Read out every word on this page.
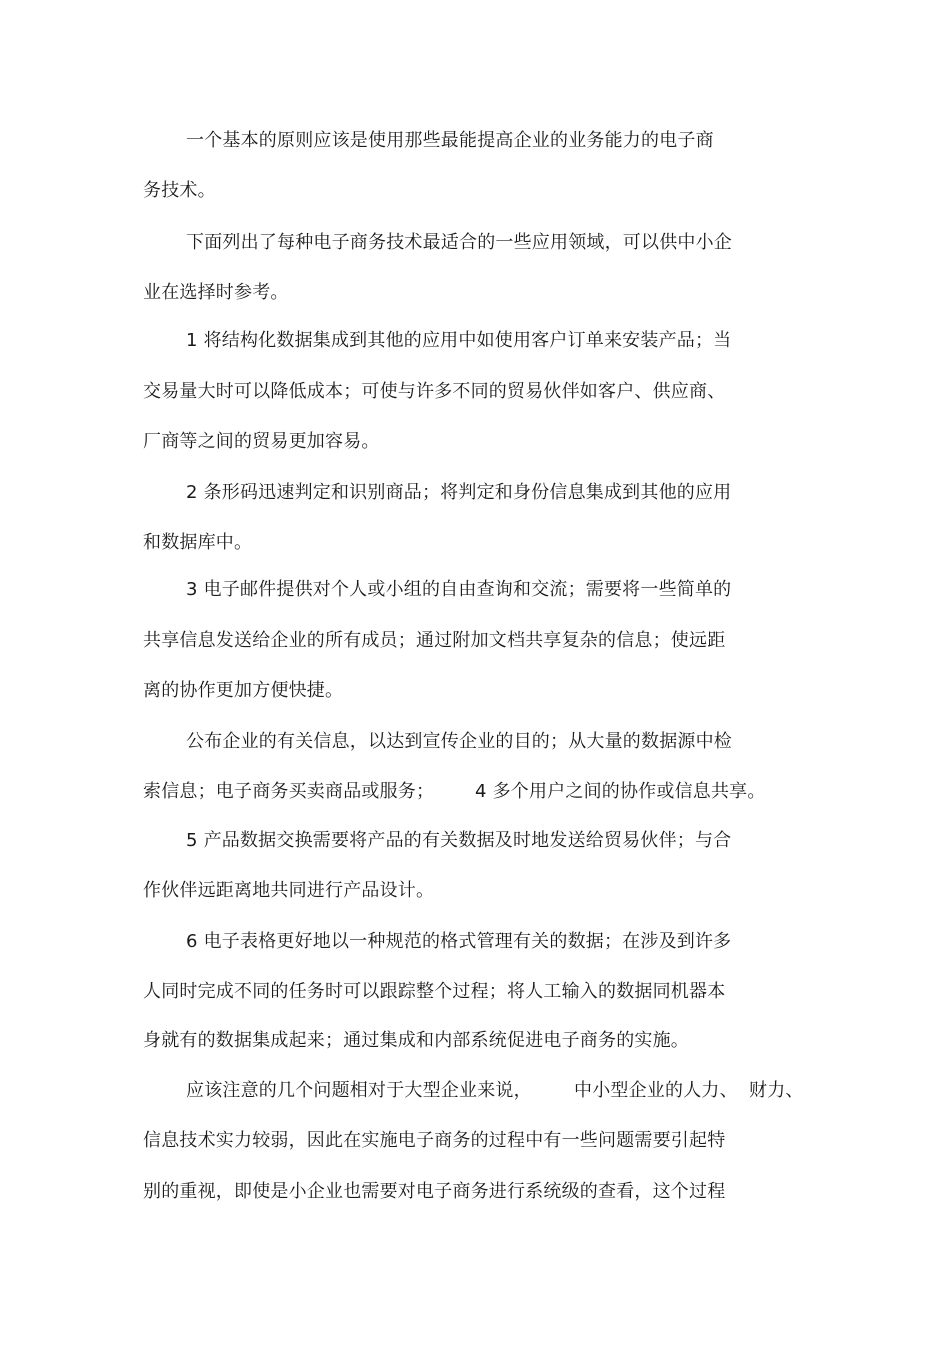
一个基本的原则应该是使用那些最能提高企业的业务能力的电子商
务技术。
下面列出了每种电子商务技术最适合的一些应用领域，可以供中小企
业在选择时参考。
1 将结构化数据集成到其他的应用中如使用客户订单来安装产品；当
交易量大时可以降低成本；可使与许多不同的贸易伙伴如客户、供应商、
厂商等之间的贸易更加容易。
2 条形码迅速判定和识别商品；将判定和身份信息集成到其他的应用
和数据库中。
3 电子邮件提供对个人或小组的自由查询和交流；需要将一些简单的
共享信息发送给企业的所有成员；通过附加文档共享复杂的信息；使远距
离的协作更加方便快捷。
公布企业的有关信息，以达到宣传企业的目的；从大量的数据源中检
索信息；电子商务买卖商品或服务； 4 多个用户之间的协作或信息共享。
5 产品数据交换需要将产品的有关数据及时地发送给贸易伙伴；与合
作伙伴远距离地共同进行产品设计。
6 电子表格更好地以一种规范的格式管理有关的数据；在涉及到许多
人同时完成不同的任务时可以跟踪整个过程；将人工输入的数据同机器本
身就有的数据集成起来；通过集成和内部系统促进电子商务的实施。
应该注意的几个问题相对于大型企业来说， 中小型企业的人力、 财力、
信息技术实力较弱，因此在实施电子商务的过程中有一些问题需要引起特
别的重视，即使是小企业也需要对电子商务进行系统级的查看，这个过程
